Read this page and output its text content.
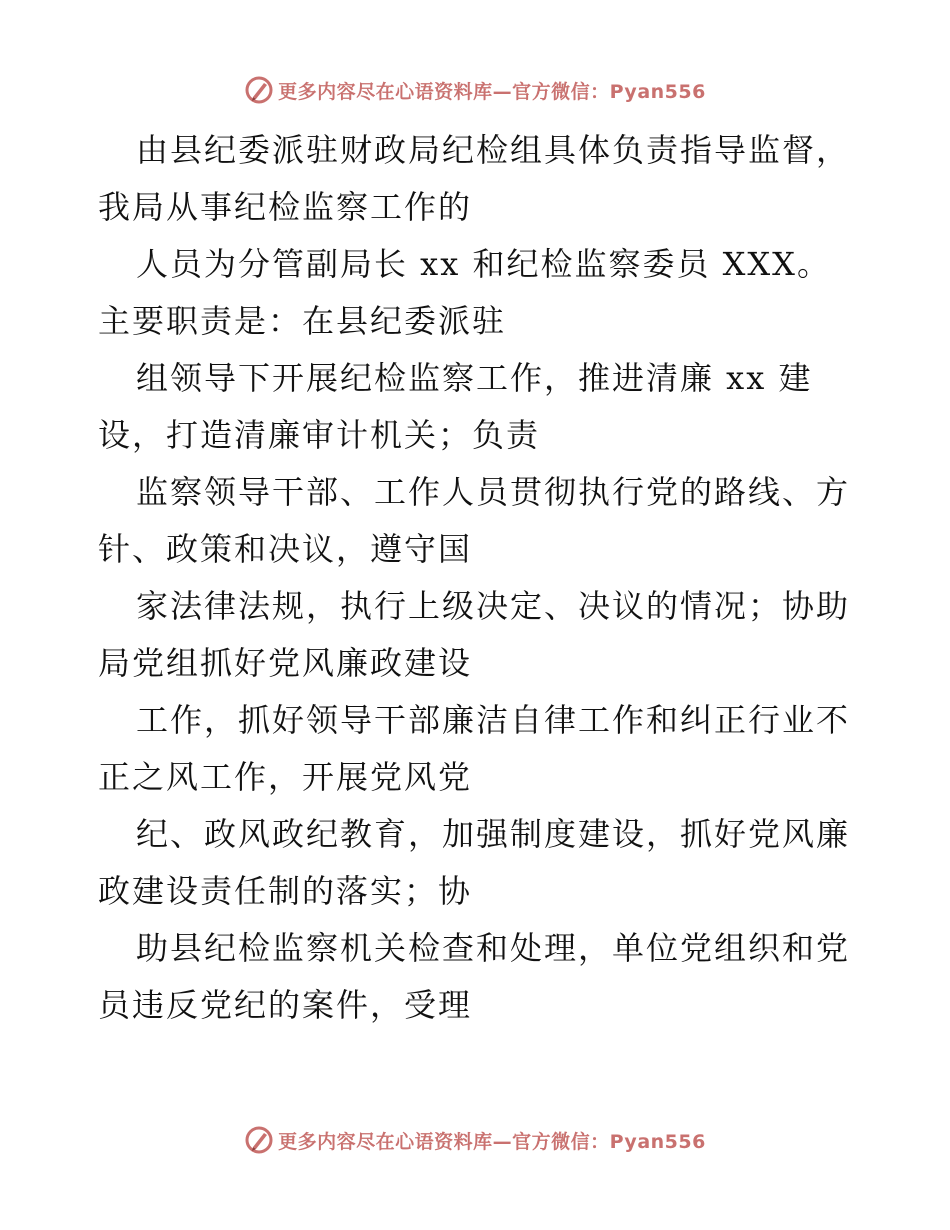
更多内容尽在心语资料库—官方微信：Pyan556

由县纪委派驻财政局纪检组具体负责指导监督，我局从事纪检监察工作的

人员为分管副局长 xx 和纪检监察委员 XXX。主要职责是：在县纪委派驻

组领导下开展纪检监察工作，推进清廉 xx 建设，打造清廉审计机关；负责

监察领导干部、工作人员贯彻执行党的路线、方针、政策和决议，遵守国

家法律法规，执行上级决定、决议的情况；协助局党组抓好党风廉政建设

工作，抓好领导干部廉洁自律工作和纠正行业不正之风工作，开展党风党

纪、政风政纪教育，加强制度建设，抓好党风廉政建设责任制的落实；协

助县纪检监察机关检查和处理，单位党组织和党员违反党纪的案件，受理

更多内容尽在心语资料库—官方微信：Pyan556
